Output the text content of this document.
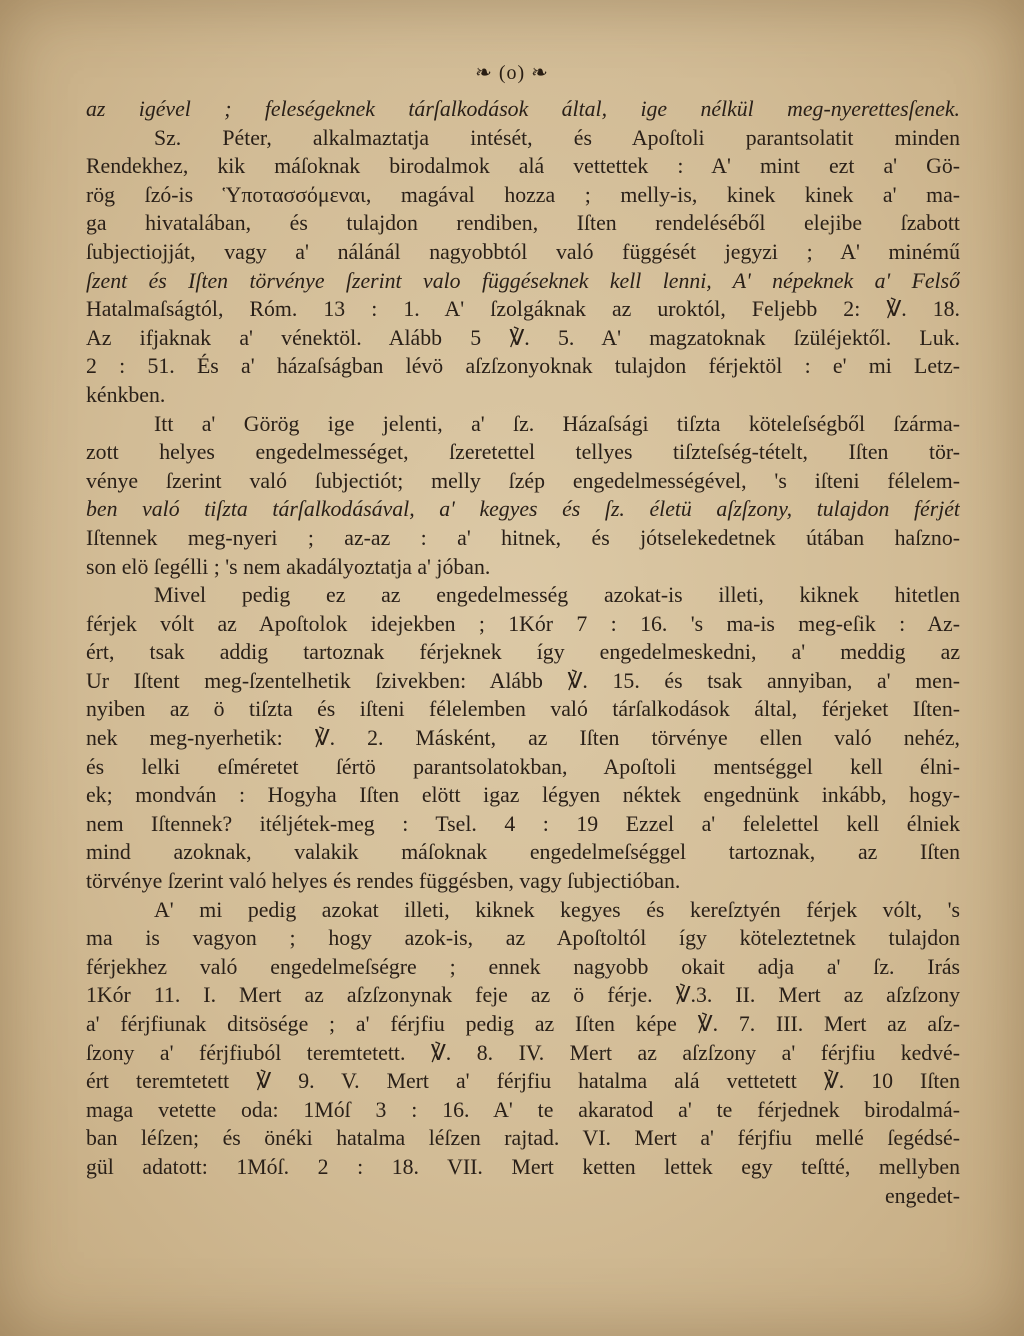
❧ (o) ❧
az igével ; feleségeknek tárſalkodások által, ige nélkül meg-nyerettesſenek.
Sz. Péter, alkalmaztatja intését, és Apoſtoli parantsolatit minden
Rendekhez, kik máſoknak birodalmok alá vettettek : A' mint ezt a' Gö-
rög ſzó-is Ὑποτασσόμεναι, magával hozza ; melly-is, kinek kinek a' ma-
ga hivatalában, és tulajdon rendiben, Iſten rendeléséből elejibe ſzabott
ſubjectiojját, vagy a' nálánál nagyobbtól való függését jegyzi ; A' minémű
ſzent és Iſten törvénye ſzerint valo függéseknek kell lenni, A' népeknek a' Felső
Hatalmaſságtól, Róm. 13 : 1. A' ſzolgáknak az uroktól, Feljebb 2: ℣. 18.
Az ifjaknak a' vénektöl. Alább 5 ℣. 5. A' magzatoknak ſzüléjektől. Luk.
2 : 51. És a' házaſságban lévö aſzſzonyoknak tulajdon férjektöl : e' mi Letz-
kénkben.
Itt a' Görög ige jelenti, a' ſz. Házaſsági tiſzta köteleſségből ſzárma-
zott helyes engedelmességet, ſzeretettel tellyes tiſzteſség-tételt, Iſten tör-
vénye ſzerint való ſubjectiót; melly ſzép engedelmességével, 's iſteni félelem-
ben való tiſzta tárſalkodásával, a' kegyes és ſz. életü aſzſzony, tulajdon férjét
Iſtennek meg-nyeri ; az-az : a' hitnek, és jótselekedetnek útában haſzno-
son elö ſegélli ; 's nem akadályoztatja a' jóban.
Mivel pedig ez az engedelmesség azokat-is illeti, kiknek hitetlen
férjek vólt az Apoſtolok idejekben ; 1Kór 7 : 16. 's ma-is meg-eſik : Az-
ért, tsak addig tartoznak férjeknek így engedelmeskedni, a' meddig az
Ur Iſtent meg-ſzentelhetik ſzivekben: Alább ℣. 15. és tsak annyiban, a' men-
nyiben az ö tiſzta és iſteni félelemben való tárſalkodások által, férjeket Iſten-
nek meg-nyerhetik: ℣. 2. Másként, az Iſten törvénye ellen való nehéz,
és lelki eſméretet ſértö parantsolatokban, Apoſtoli mentséggel kell élni-
ek; mondván : Hogyha Iſten elött igaz légyen néktek engednünk inkább, hogy-
nem Iſtennek? itéljétek-meg : Tsel. 4 : 19 Ezzel a' felelettel kell élniek
mind azoknak, valakik máſoknak engedelmeſséggel tartoznak, az Iſten
törvénye ſzerint való helyes és rendes függésben, vagy ſubjectióban.
A' mi pedig azokat illeti, kiknek kegyes és kereſztyén férjek vólt, 's
ma is vagyon ; hogy azok-is, az Apoſtoltól így köteleztetnek tulajdon
férjekhez való engedelmeſségre ; ennek nagyobb okait adja a' ſz. Irás
1Kór 11. I. Mert az aſzſzonynak feje az ö férje. ℣.3. II. Mert az aſzſzony
a' férjfiunak ditsösége ; a' férjfiu pedig az Iſten képe ℣. 7. III. Mert az aſz-
ſzony a' férjfiuból teremtetett. ℣. 8. IV. Mert az aſzſzony a' férjfiu kedvé-
ért teremtetett ℣ 9. V. Mert a' férjfiu hatalma alá vettetett ℣. 10 Iſten
maga vetette oda: 1Móſ 3 : 16. A' te akaratod a' te férjednek birodalmá-
ban léſzen; és önéki hatalma léſzen rajtad. VI. Mert a' férjfiu mellé ſegédsé-
gül adatott: 1Móſ. 2 : 18. VII. Mert ketten lettek egy teſtté, mellyben
engedet-
